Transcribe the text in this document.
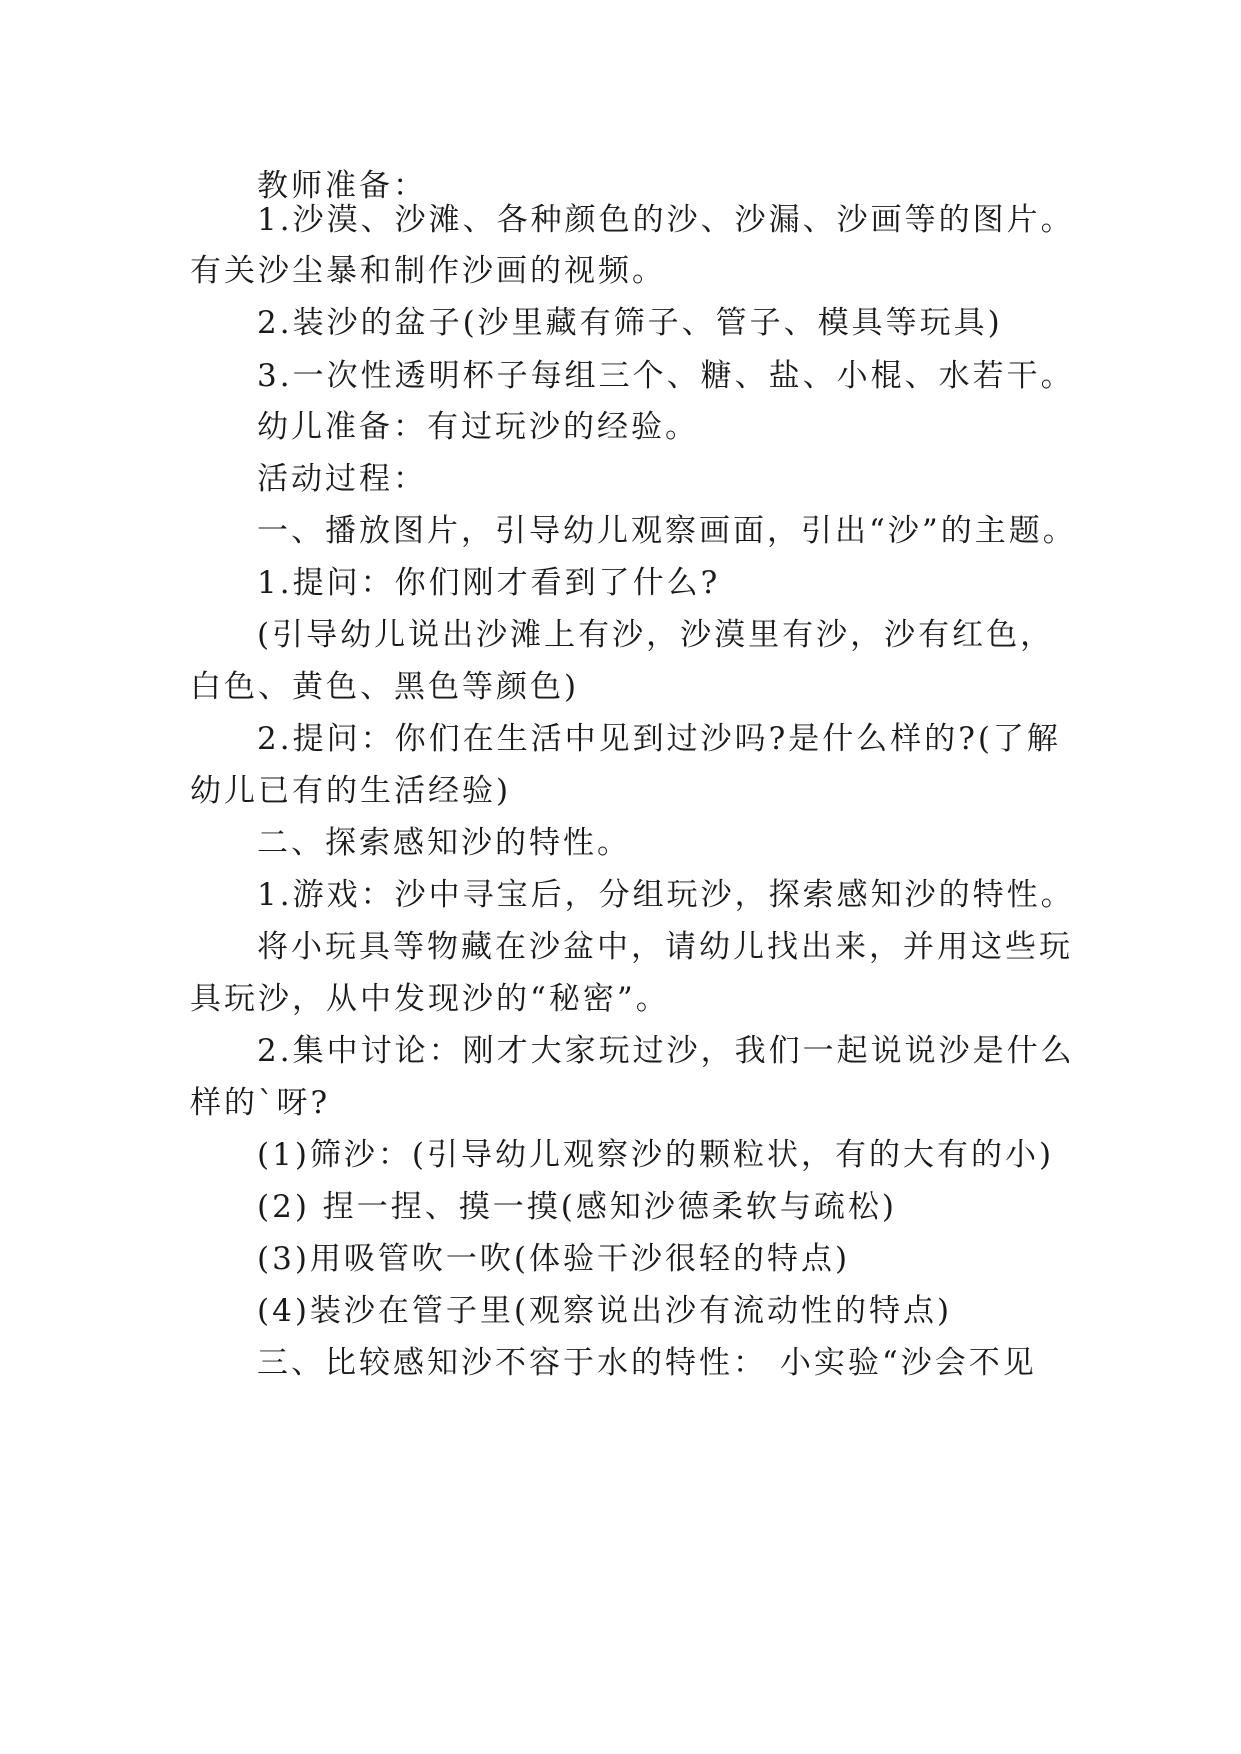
教师准备：
1.沙漠、沙滩、各种颜色的沙、沙漏、沙画等的图片。
有关沙尘暴和制作沙画的视频。
2.装沙的盆子(沙里藏有筛子、管子、模具等玩具)
3.一次性透明杯子每组三个、糖、盐、小棍、水若干。
幼儿准备：有过玩沙的经验。
活动过程：
一、播放图片，引导幼儿观察画面，引出“沙”的主题。
1.提问：你们刚才看到了什么?
(引导幼儿说出沙滩上有沙，沙漠里有沙，沙有红色，
白色、黄色、黑色等颜色)
2.提问：你们在生活中见到过沙吗?是什么样的?(了解
幼儿已有的生活经验)
二、探索感知沙的特性。
1.游戏：沙中寻宝后，分组玩沙，探索感知沙的特性。
将小玩具等物藏在沙盆中，请幼儿找出来，并用这些玩
具玩沙，从中发现沙的“秘密”。
2.集中讨论：刚才大家玩过沙，我们一起说说沙是什么
样的`呀?
(1)筛沙：(引导幼儿观察沙的颗粒状，有的大有的小)
(2) 捏一捏、摸一摸(感知沙德柔软与疏松)
(3)用吸管吹一吹(体验干沙很轻的特点)
(4)装沙在管子里(观察说出沙有流动性的特点)
三、比较感知沙不容于水的特性： 小实验“沙会不见
